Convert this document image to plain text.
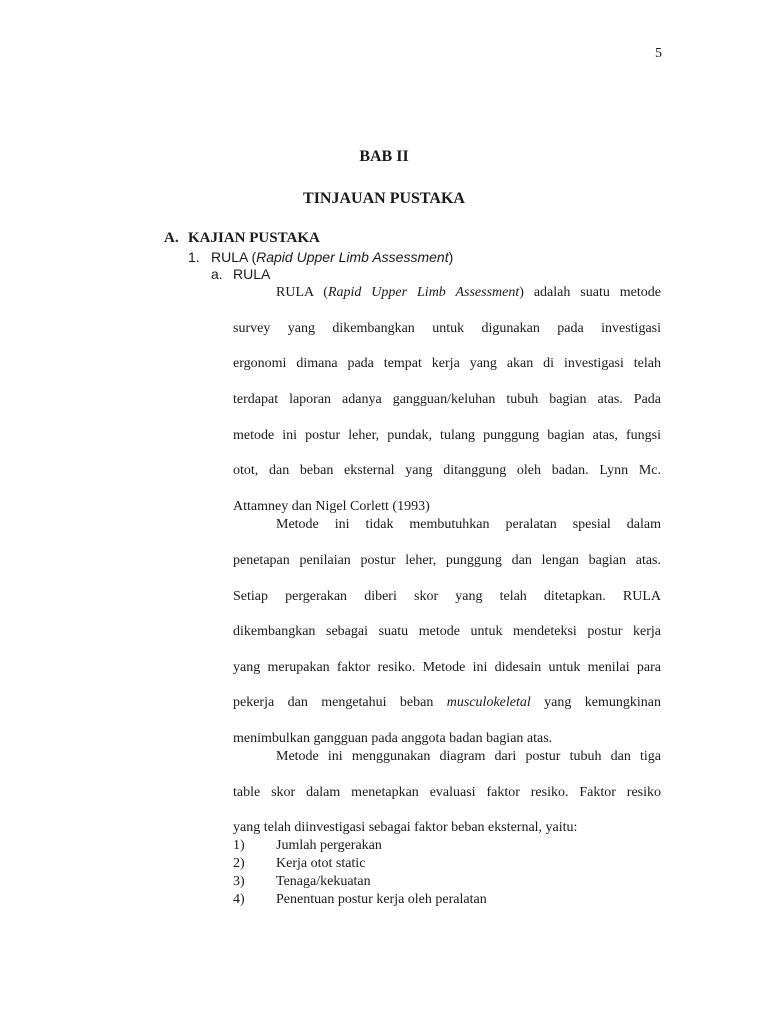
5
BAB II
TINJAUAN PUSTAKA
A. KAJIAN PUSTAKA
1. RULA (Rapid Upper Limb Assessment)
a. RULA
RULA (Rapid Upper Limb Assessment) adalah suatu metode
survey yang dikembangkan untuk digunakan pada investigasi
ergonomi dimana pada tempat kerja yang akan di investigasi telah
terdapat laporan adanya gangguan/keluhan tubuh bagian atas. Pada
metode ini postur leher, pundak, tulang punggung bagian atas, fungsi
otot, dan beban eksternal yang ditanggung oleh badan. Lynn Mc.
Attamney dan Nigel Corlett (1993)
Metode ini tidak membutuhkan peralatan spesial dalam
penetapan penilaian postur leher, punggung dan lengan bagian atas.
Setiap pergerakan diberi skor yang telah ditetapkan. RULA
dikembangkan sebagai suatu metode untuk mendeteksi postur kerja
yang merupakan faktor resiko. Metode ini didesain untuk menilai para
pekerja dan mengetahui beban musculokeletal yang kemungkinan
menimbulkan gangguan pada anggota badan bagian atas.
Metode ini menggunakan diagram dari postur tubuh dan tiga
table skor dalam menetapkan evaluasi faktor resiko. Faktor resiko
yang telah diinvestigasi sebagai faktor beban eksternal, yaitu:
1) Jumlah pergerakan
2) Kerja otot static
3) Tenaga/kekuatan
4) Penentuan postur kerja oleh peralatan
